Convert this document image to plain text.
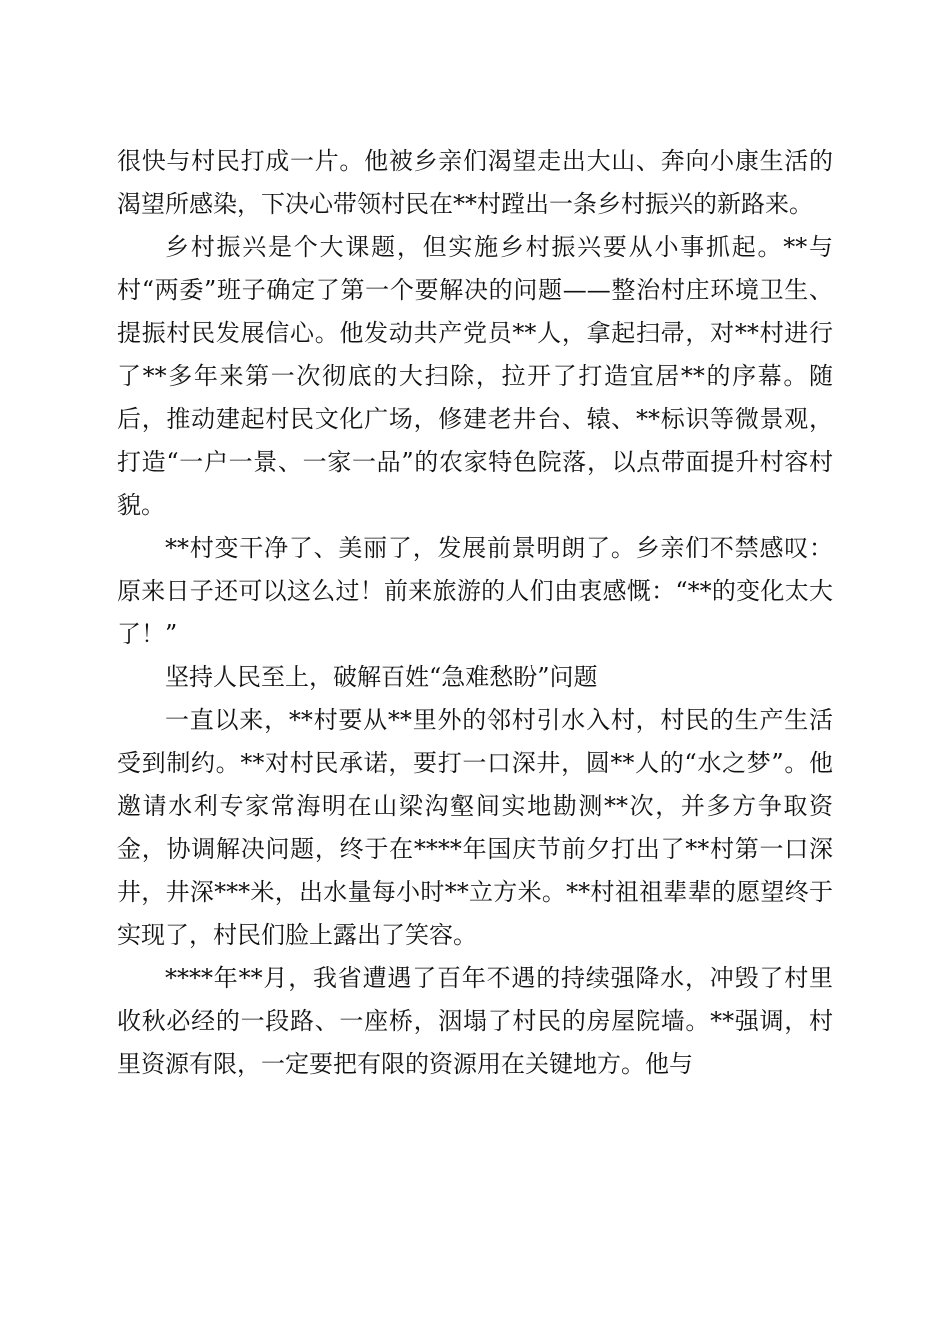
很快与村民打成一片。他被乡亲们渴望走出大山、奔向小康生活的渴望所感染，下决心带领村民在**村蹚出一条乡村振兴的新路来。

乡村振兴是个大课题，但实施乡村振兴要从小事抓起。**与村“两委”班子确定了第一个要解决的问题——整治村庄环境卫生、提振村民发展信心。他发动共产党员**人，拿起扫帚，对**村进行了**多年来第一次彻底的大扫除，拉开了打造宜居**的序幕。随后，推动建起村民文化广场，修建老井台、辕、**标识等微景观，打造“一户一景、一家一品”的农家特色院落，以点带面提升村容村貌。

**村变干净了、美丽了，发展前景明朗了。乡亲们不禁感叹：原来日子还可以这么过！前来旅游的人们由衷感慨：“**的变化太大了！”

坚持人民至上，破解百姓“急难愁盼”问题

一直以来，**村要从**里外的邻村引水入村，村民的生产生活受到制约。**对村民承诺，要打一口深井，圆**人的“水之梦”。他邀请水利专家常海明在山梁沟壑间实地勘测**次，并多方争取资金，协调解决问题，终于在****年国庆节前夕打出了**村第一口深井，井深***米，出水量每小时**立方米。**村祖祖辈辈的愿望终于实现了，村民们脸上露出了笑容。

****年**月，我省遭遇了百年不遇的持续强降水，冲毁了村里收秋必经的一段路、一座桥，洇塌了村民的房屋院墙。**强调，村里资源有限，一定要把有限的资源用在关键地方。他与
